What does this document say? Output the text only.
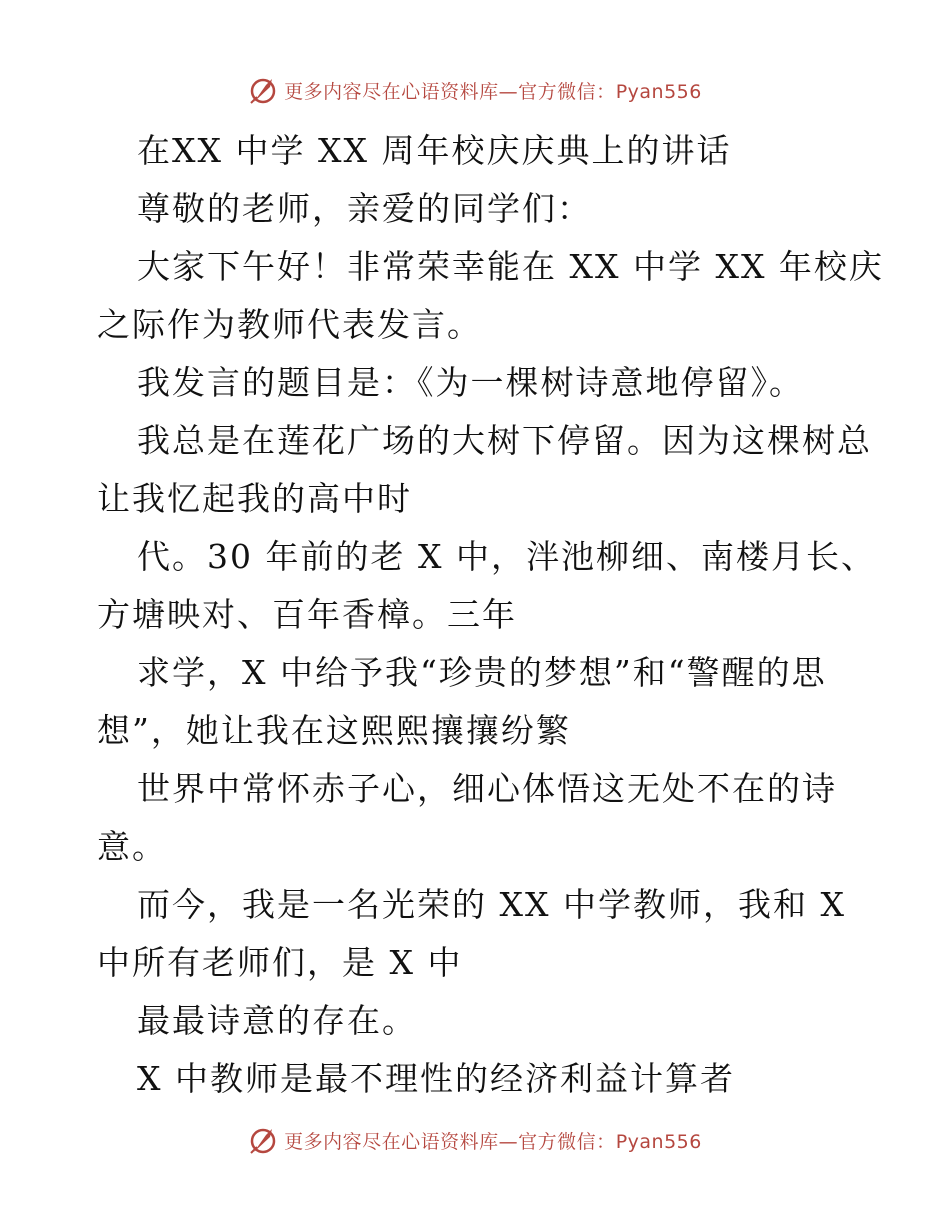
更多内容尽在心语资料库—官方微信：Pyan556
在XX 中学 XX 周年校庆庆典上的讲话
尊敬的老师，亲爱的同学们：
大家下午好！非常荣幸能在 XX 中学 XX 年校庆
之际作为教师代表发言。
我发言的题目是：《为一棵树诗意地停留》。
我总是在莲花广场的大树下停留。因为这棵树总
让我忆起我的高中时
代。30 年前的老 X 中，泮池柳细、南楼月长、
方塘映对、百年香樟。三年
求学，X 中给予我“珍贵的梦想”和“警醒的思
想”，她让我在这熙熙攘攘纷繁
世界中常怀赤子心，细心体悟这无处不在的诗
意。
而今，我是一名光荣的 XX 中学教师，我和 X
中所有老师们，是 X 中
最最诗意的存在。
X 中教师是最不理性的经济利益计算者
更多内容尽在心语资料库—官方微信：Pyan556
